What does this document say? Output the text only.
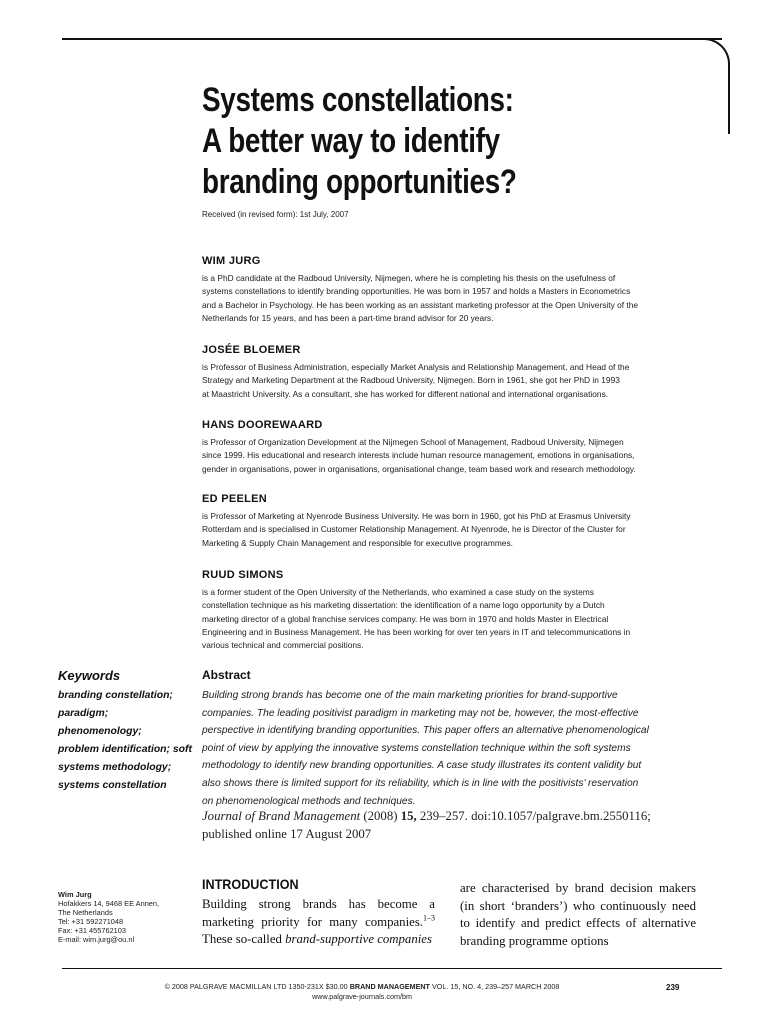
Systems constellations:
A better way to identify
branding opportunities?
Received (in revised form): 1st July, 2007
WIM JURG
is a PhD candidate at the Radboud University, Nijmegen, where he is completing his thesis on the usefulness of
systems constellations to identify branding opportunities. He was born in 1957 and holds a Masters in Econometrics
and a Bachelor in Psychology. He has been working as an assistant marketing professor at the Open University of the
Netherlands for 15 years, and has been a part-time brand advisor for 20 years.
JOSÉE BLOEMER
is Professor of Business Administration, especially Market Analysis and Relationship Management, and Head of the
Strategy and Marketing Department at the Radboud University, Nijmegen. Born in 1961, she got her PhD in 1993
at Maastricht University. As a consultant, she has worked for different national and international organisations.
HANS DOOREWAARD
is Professor of Organization Development at the Nijmegen School of Management, Radboud University, Nijmegen
since 1999. His educational and research interests include human resource management, emotions in organisations,
gender in organisations, power in organisations, organisational change, team based work and research methodology.
ED PEELEN
is Professor of Marketing at Nyenrode Business University. He was born in 1960, got his PhD at Erasmus University
Rotterdam and is specialised in Customer Relationship Management. At Nyenrode, he is Director of the Cluster for
Marketing & Supply Chain Management and responsible for executive programmes.
RUUD SIMONS
is a former student of the Open University of the Netherlands, who examined a case study on the systems
constellation technique as his marketing dissertation: the identification of a name logo opportunity by a Dutch
marketing director of a global franchise services company. He was born in 1970 and holds Master in Electrical
Engineering and in Business Management. He has been working for over ten years in IT and telecommunications in
various technical and commercial positions.
Keywords
branding constellation;
paradigm; phenomenology;
problem identification; soft
systems methodology;
systems constellation
Abstract
Building strong brands has become one of the main marketing priorities for brand-supportive
companies. The leading positivist paradigm in marketing may not be, however, the most-effective
perspective in identifying branding opportunities. This paper offers an alternative phenomenological
point of view by applying the innovative systems constellation technique within the soft systems
methodology to identify new branding opportunities. A case study illustrates its content validity but
also shows there is limited support for its reliability, which is in line with the positivists’ reservation
on phenomenological methods and techniques.
Journal of Brand Management (2008) 15, 239–257. doi:10.1057/palgrave.bm.2550116;
published online 17 August 2007
Wim Jurg
Hofakkers 14, 9468 EE Annen,
The Netherlands
Tel: +31 592271048
Fax: +31 455762103
E-mail: wim.jurg@ou.nl
INTRODUCTION
Building strong brands has become a marketing priority for many companies.$^{1-3}$ These so-called brand-supportive companies
are characterised by brand decision makers (in short ‘branders’) who continuously need to identify and predict effects of alternative branding programme options
© 2008 PALGRAVE MACMILLAN LTD 1350-231X $30.00 BRAND MANAGEMENT VOL. 15, NO. 4, 239–257 MARCH 2008
www.palgrave-journals.com/bm
239
